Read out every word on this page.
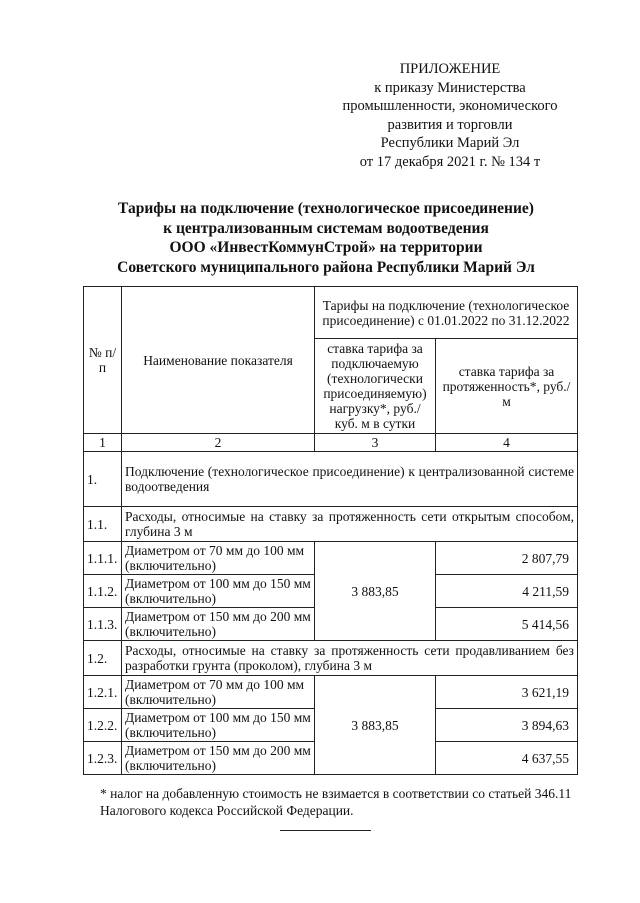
ПРИЛОЖЕНИЕ
к приказу Министерства
промышленности, экономического
развития и торговли
Республики Марий Эл
от 17 декабря 2021 г. № 134 т
Тарифы на подключение (технологическое присоединение)
к централизованным системам водоотведения
ООО «ИнвестКоммунСтрой» на территории
Советского муниципального района Республики Марий Эл
№ п/п	Наименование показателя	Тарифы на подключение (технологическое присоединение) с 01.01.2022 по 31.12.2022	
		ставка тарифа за подключаемую (технологически присоединяемую) нагрузку*, руб./куб. м в сутки	ставка тарифа за протяженность*, руб./м
1	2	3	4
1.	Подключение (технологическое присоединение) к централизованной системе водоотведения		
1.1.	Расходы, относимые на ставку за протяженность сети открытым способом, глубина 3 м		
1.1.1.	Диаметром от 70 мм до 100 мм (включительно)	3 883,85	2 807,79
1.1.2.	Диаметром от 100 мм до 150 мм (включительно)		4 211,59
1.1.3.	Диаметром от 150 мм до 200 мм (включительно)		5 414,56
1.2.	Расходы, относимые на ставку за протяженность сети продавливанием без разработки грунта (проколом), глубина 3 м		
1.2.1.	Диаметром от 70 мм до 100 мм (включительно)	3 883,85	3 621,19
1.2.2.	Диаметром от 100 мм до 150 мм (включительно)		3 894,63
1.2.3.	Диаметром от 150 мм до 200 мм (включительно)		4 637,55
* налог на добавленную стоимость не взимается в соответствии со статьей 346.11
Налогового кодекса Российской Федерации.
